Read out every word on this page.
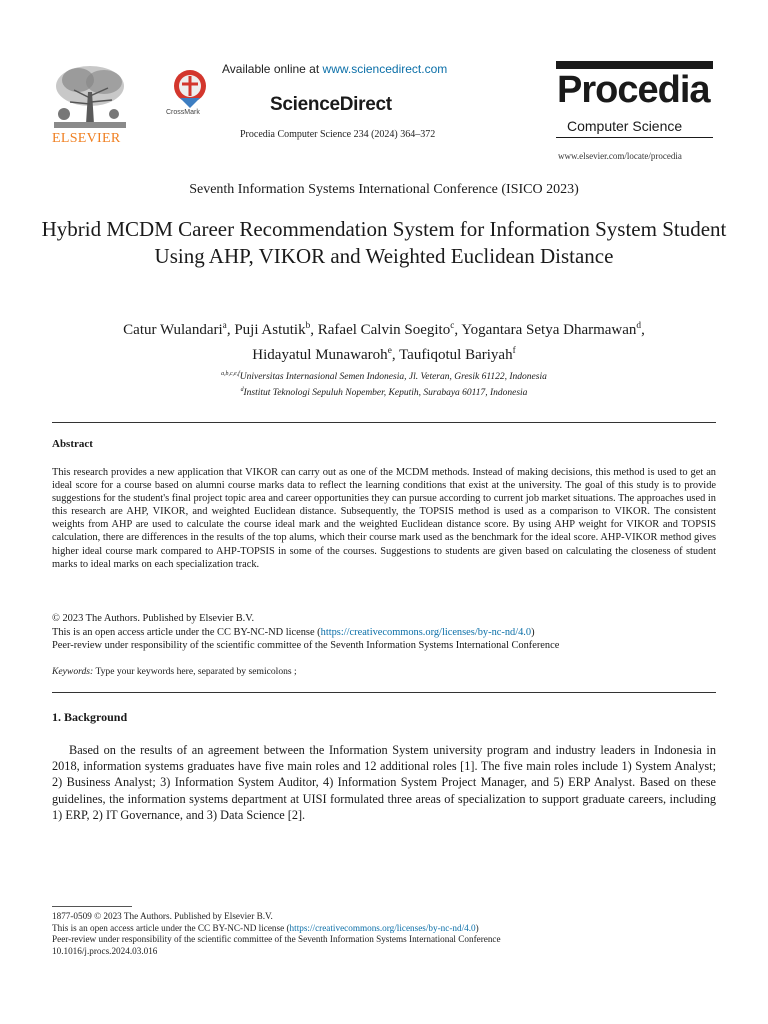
ELSEVIER
CrossMark
Available online at www.sciencedirect.com
ScienceDirect
Procedia Computer Science 234 (2024) 364–372
Procedia
Computer Science
www.elsevier.com/locate/procedia
Seventh Information Systems International Conference (ISICO 2023)
Hybrid MCDM Career Recommendation System for Information System Student Using AHP, VIKOR and Weighted Euclidean Distance
Catur Wulandari$^a$, Puji Astutik$^b$, Rafael Calvin Soegito$^c$, Yogantara Setya Dharmawan$^d$,
Hidayatul Munawaroh$^e$, Taufiqotul Bariyah$^f$
$^{a,b,c,e,f}$Universitas Internasional Semen Indonesia, Jl. Veteran, Gresik 61122, Indonesia
$^d$Institut Teknologi Sepuluh Nopember, Keputih, Surabaya 60117, Indonesia
Abstract
This research provides a new application that VIKOR can carry out as one of the MCDM methods. Instead of making decisions, this method is used to get an ideal score for a course based on alumni course marks data to reflect the learning conditions that exist at the university. The goal of this study is to provide suggestions for the student's final project topic area and career opportunities they can pursue according to current job market situations. The approaches used in this research are AHP, VIKOR, and weighted Euclidean distance. Subsequently, the TOPSIS method is used as a comparison to VIKOR. The consistent weights from AHP are used to calculate the course ideal mark and the weighted Euclidean distance score. By using AHP weight for VIKOR and TOPSIS calculation, there are differences in the results of the top alums, which their course mark used as the benchmark for the ideal score. AHP-VIKOR method gives higher ideal course mark compared to AHP-TOPSIS in some of the courses. Suggestions to students are given based on calculating the closeness of student marks to ideal marks on each specialization track.
© 2023 The Authors. Published by Elsevier B.V.
This is an open access article under the CC BY-NC-ND license (https://creativecommons.org/licenses/by-nc-nd/4.0)
Peer-review under responsibility of the scientific committee of the Seventh Information Systems International Conference
Keywords: Type your keywords here, separated by semicolons ;
1. Background
Based on the results of an agreement between the Information System university program and industry leaders in Indonesia in 2018, information systems graduates have five main roles and 12 additional roles [1]. The five main roles include 1) System Analyst; 2) Business Analyst; 3) Information System Auditor, 4) Information System Project Manager, and 5) ERP Analyst. Based on these guidelines, the information systems department at UISI formulated three areas of specialization to support graduate careers, including 1) ERP, 2) IT Governance, and 3) Data Science [2].
1877-0509 © 2023 The Authors. Published by Elsevier B.V.
This is an open access article under the CC BY-NC-ND license (https://creativecommons.org/licenses/by-nc-nd/4.0)
Peer-review under responsibility of the scientific committee of the Seventh Information Systems International Conference
10.1016/j.procs.2024.03.016
